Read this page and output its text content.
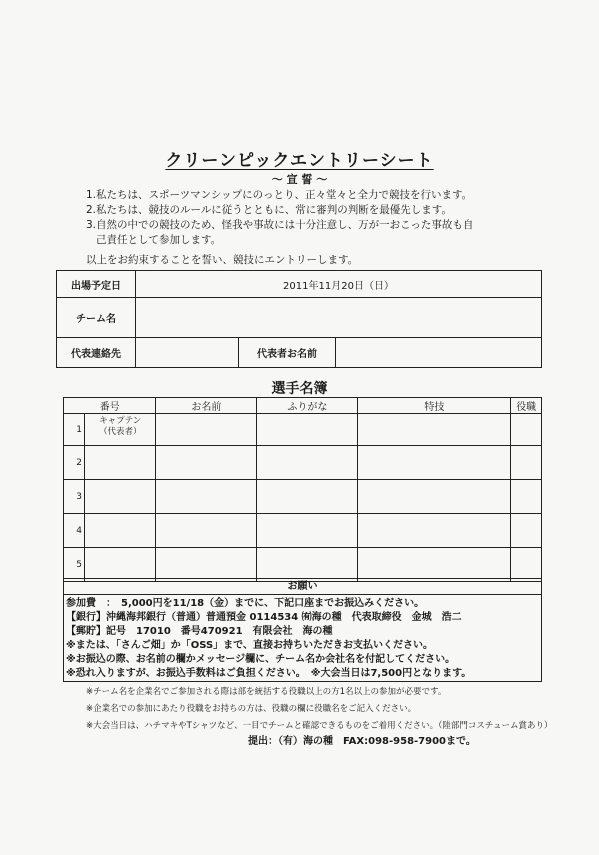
クリーンピックエントリーシート
～ 宣 誓 ～

1.私たちは、スポーツマンシップにのっとり、正々堂々と全力で競技を行います。

2.私たちは、競技のルールに従うとともに、常に審判の判断を最優先します。

3.自然の中での競技のため、怪我や事故には十分注意し、万が一おこった事故も自

己責任として参加します。

以上をお約束することを誓い、競技にエントリーします。
出場予定日	2011年11月20日（日）		
チーム名			
代表連絡先		代表者お名前	
選手名簿
番号		お名前	ふりがな	特技	役職
1	キャプテン
（代表者）				

2					
3					
4					
5					
お願い

参加費　：　5,000円を11/18（金）までに、下記口座までお振込みください。

【銀行】沖縄海邦銀行（普通）普通預金 0114534 ㈲海の種　代表取締役　金城　浩二

【郵貯】記号　17010　番号470921　有限会社　海の種

※または、「さんご畑」か「OSS」まで、直接お持ちいただきお支払いください。

※お振込の際、お名前の欄かメッセージ欄に、チーム名か会社名を付記してください。

※恐れ入りますが、お振込手数料はご負担ください。　※大会当日は7,500円となります。

※チーム名を企業名でご参加される際は部を統括する役職以上の方1名以上の参加が必要です。

※企業名での参加にあたり役職をお持ちの方は、役職の欄に役職名をご記入ください。

※大会当日は、ハチマキやTシャツなど、一目でチームと確認できるものをご着用ください。（陸部門コスチューム賞あり）

提出：（有）海の種　FAX:098-958-7900まで。
